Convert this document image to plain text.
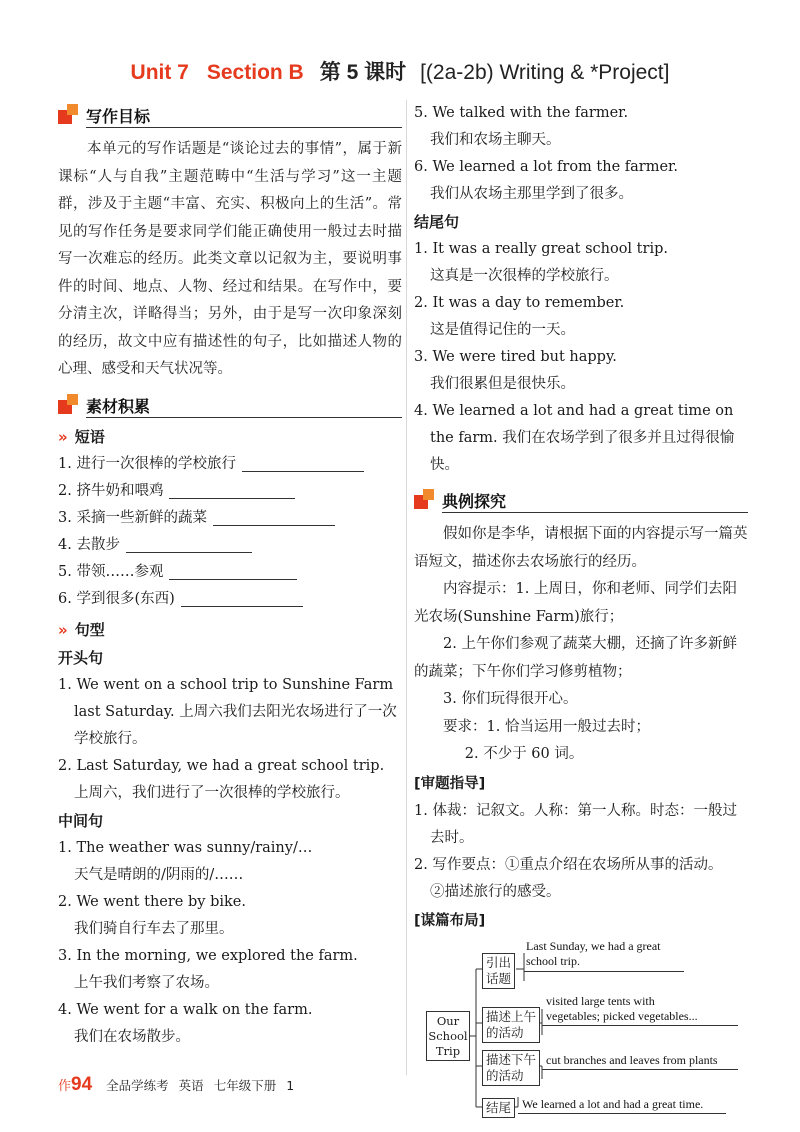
Unit 7 Section B 第 5 课时 [(2a-2b) Writing & *Project]
写作目标

本单元的写作话题是“谈论过去的事情”，属于新课标“人与自我”主题范畴中“生活与学习”这一主题群，涉及于主题“丰富、充实、积极向上的生活”。常见的写作任务是要求同学们能正确使用一般过去时描写一次难忘的经历。此类文章以记叙为主，要说明事件的时间、地点、人物、经过和结果。在写作中，要分清主次，详略得当；另外，由于是写一次印象深刻的经历，故文中应有描述性的句子，比如描述人物的心理、感受和天气状况等。

素材积累
» 短语
1. 进行一次很棒的学校旅行
2. 挤牛奶和喂鸡
3. 采摘一些新鲜的蔬菜
4. 去散步
5. 带领……参观
6. 学到很多(东西)
» 句型
开头句
1. We went on a school trip to Sunshine Farm last Saturday. 上周六我们去阳光农场进行了一次学校旅行。
2. Last Saturday, we had a great school trip.
上周六，我们进行了一次很棒的学校旅行。
中间句
1. The weather was sunny/rainy/…
天气是晴朗的/阴雨的/……
2. We went there by bike.
我们骑自行车去了那里。
3. In the morning, we explored the farm.
上午我们考察了农场。
4. We went for a walk on the farm.
我们在农场散步。
5. We talked with the farmer.
我们和农场主聊天。
6. We learned a lot from the farmer.
我们从农场主那里学到了很多。
结尾句
1. It was a really great school trip.
这真是一次很棒的学校旅行。
2. It was a day to remember.
这是值得记住的一天。
3. We were tired but happy.
我们很累但是很快乐。
4. We learned a lot and had a great time on the farm. 我们在农场学到了很多并且过得很愉快。
典例探究

假如你是李华，请根据下面的内容提示写一篇英语短文，描述你去农场旅行的经历。

内容提示：1. 上周日，你和老师、同学们去阳光农场(Sunshine Farm)旅行；

2. 上午你们参观了蔬菜大棚，还摘了许多新鲜的蔬菜；下午你们学习修剪植物；

3. 你们玩得很开心。

要求：1. 恰当运用一般过去时；

2. 不少于 60 词。

[审题指导]

1. 体裁：记叙文。人称：第一人称。时态：一般过去时。

2. 写作要点：①重点介绍在农场所从事的活动。

②描述旅行的感受。

[谋篇布局]
Our
School
Trip
引出
话题
Last Sunday, we had a great
school trip.
描述上午
的活动
visited large tents with
vegetables; picked vegetables...
描述下午
的活动
cut branches and leaves from plants
结尾 We learned a lot and had a great time.
作94 全品学练考 英语 七年级下册 1
